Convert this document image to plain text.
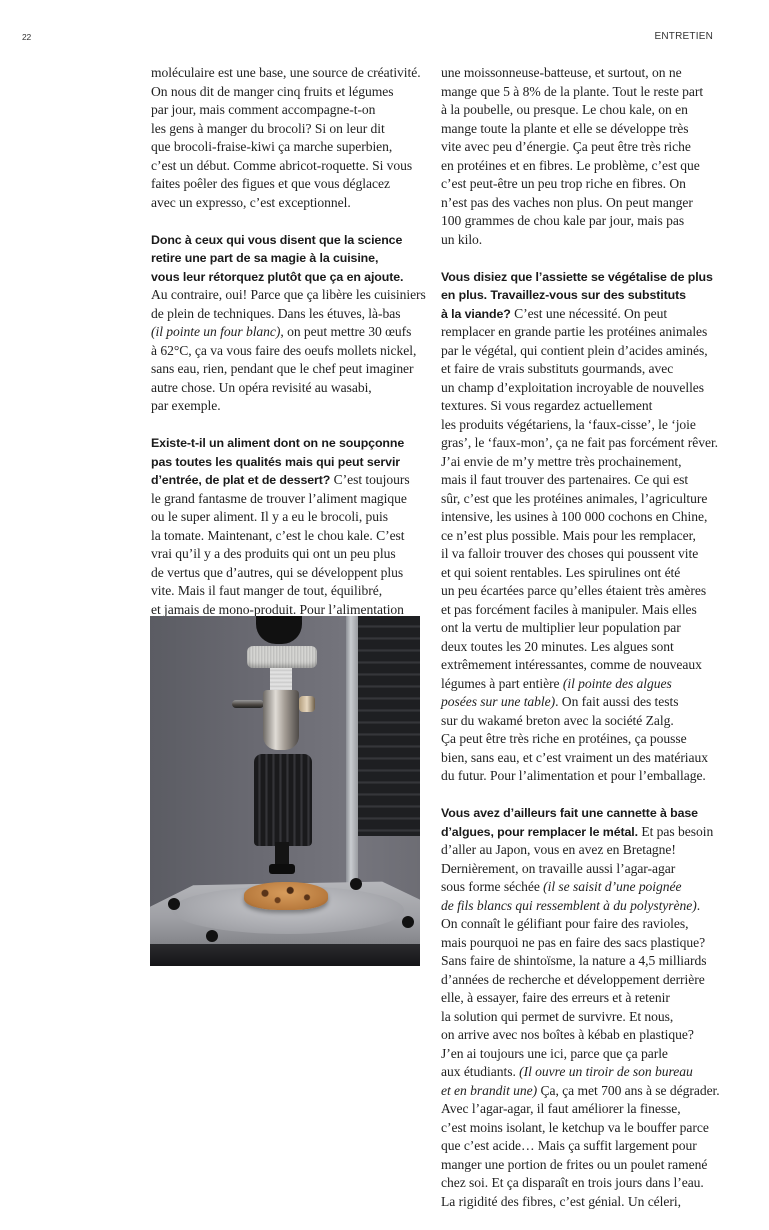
22	ENTRETIEN

moléculaire est une base, une source de créativité.
On nous dit de manger cinq fruits et légumes
par jour, mais comment accompagne-t-on
les gens à manger du brocoli? Si on leur dit
que brocoli-fraise-kiwi ça marche superbien,
c’est un début. Comme abricot-roquette. Si vous
faites poêler des figues et que vous déglacez
avec un expresso, c’est exceptionnel.

Donc à ceux qui vous disent que la science
retire une part de sa magie à la cuisine,
vous leur rétorquez plutôt que ça en ajoute.
Au contraire, oui! Parce que ça libère les cuisiniers
de plein de techniques. Dans les étuves, là-bas
(il pointe un four blanc), on peut mettre 30 œufs
à 62°C, ça va vous faire des oeufs mollets nickel,
sans eau, rien, pendant que le chef peut imaginer
autre chose. Un opéra revisité au wasabi,
par exemple.

Existe-t-il un aliment dont on ne soupçonne
pas toutes les qualités mais qui peut servir
d’entrée, de plat et de dessert? C’est toujours
le grand fantasme de trouver l’aliment magique
ou le super aliment. Il y a eu le brocoli, puis
la tomate. Maintenant, c’est le chou kale. C’est
vrai qu’il y a des produits qui ont un peu plus
de vertus que d’autres, qui se développent plus
vite. Mais il faut manger de tout, équilibré,
et jamais de mono-produit. Pour l’alimentation

une moissonneuse-batteuse, et surtout, on ne
mange que 5 à 8% de la plante. Tout le reste part
à la poubelle, ou presque. Le chou kale, on en
mange toute la plante et elle se développe très
vite avec peu d’énergie. Ça peut être très riche
en protéines et en fibres. Le problème, c’est que
c’est peut-être un peu trop riche en fibres. On
n’est pas des vaches non plus. On peut manger
100 grammes de chou kale par jour, mais pas
un kilo.

Vous disiez que l’assiette se végétalise de plus
en plus. Travaillez-vous sur des substituts
à la viande? C’est une nécessité. On peut
remplacer en grande partie les protéines animales
par le végétal, qui contient plein d’acides aminés,
et faire de vrais substituts gourmands, avec
un champ d’exploitation incroyable de nouvelles
textures. Si vous regardez actuellement
les produits végétariens, la ‘faux-cisse’, le ‘joie
gras’, le ‘faux-mon’, ça ne fait pas forcément rêver.
J’ai envie de m’y mettre très prochainement,
mais il faut trouver des partenaires. Ce qui est
sûr, c’est que les protéines animales, l’agriculture
intensive, les usines à 100 000 cochons en Chine,
ce n’est plus possible. Mais pour les remplacer,
il va falloir trouver des choses qui poussent vite
et qui soient rentables. Les spirulines ont été
un peu écartées parce qu’elles étaient très amères
et pas forcément faciles à manipuler. Mais elles
ont la vertu de multiplier leur population par
deux toutes les 20 minutes. Les algues sont
extrêmement intéressantes, comme de nouveaux
légumes à part entière (il pointe des algues
posées sur une table). On fait aussi des tests
sur du wakamé breton avec la société Zalg.
Ça peut être très riche en protéines, ça pousse
bien, sans eau, et c’est vraiment un des matériaux
du futur. Pour l’alimentation et pour l’emballage.

Vous avez d’ailleurs fait une cannette à base
d’algues, pour remplacer le métal. Et pas besoin
d’aller au Japon, vous en avez en Bretagne!
Dernièrement, on travaille aussi l’agar-agar
sous forme séchée (il se saisit d’une poignée
de fils blancs qui ressemblent à du polystyrène).
On connaît le gélifiant pour faire des ravioles,
mais pourquoi ne pas en faire des sacs plastique?
Sans faire de shintoïsme, la nature a 4,5 milliards
d’années de recherche et développement derrière
elle, à essayer, faire des erreurs et à retenir
la solution qui permet de survivre. Et nous,
on arrive avec nos boîtes à kébab en plastique?
J’en ai toujours une ici, parce que ça parle
aux étudiants. (Il ouvre un tiroir de son bureau
et en brandit une) Ça, ça met 700 ans à se dégrader.
Avec l’agar-agar, il faut améliorer la finesse,
c’est moins isolant, le ketchup va le bouffer parce
que c’est acide… Mais ça suffit largement pour
manger une portion de frites ou un poulet ramené
chez soi. Et ça disparaît en trois jours dans l’eau.
La rigidité des fibres, c’est génial. Un céleri,
